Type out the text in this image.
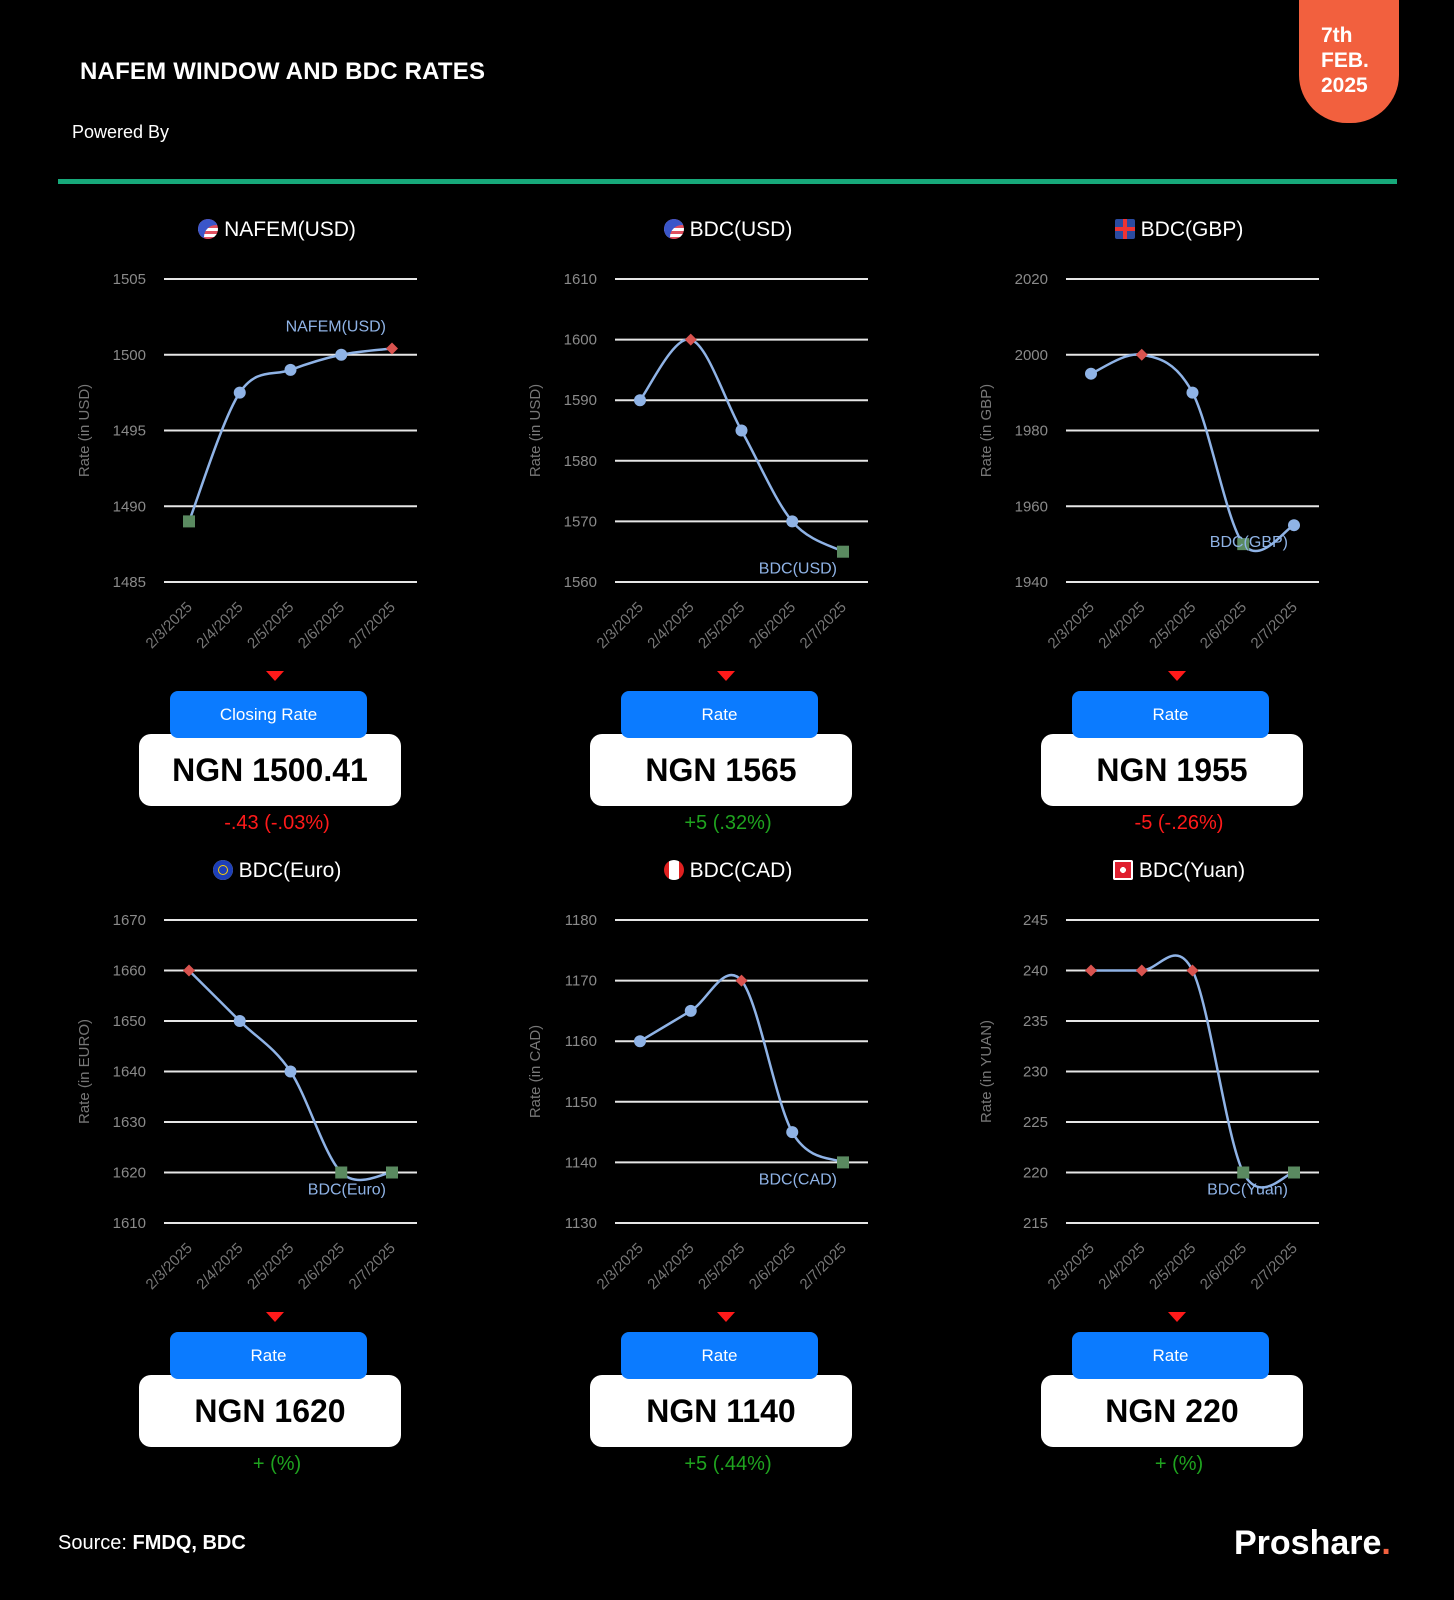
NAFEM WINDOW AND BDC RATES
Powered By
7th
FEB.
2025
NAFEM(USD)
Rate (in USD)
1505
1500
1495
1490
1485
2/3/2025
2/4/2025
2/5/2025
2/6/2025
2/7/2025
NAFEM(USD)
NGN 1500.41
Closing Rate
-.43 (-.03%)
BDC(USD)
Rate (in USD)
1610
1600
1590
1580
1570
1560
2/3/2025
2/4/2025
2/5/2025
2/6/2025
2/7/2025
BDC(USD)
NGN 1565
Rate
+5 (.32%)
BDC(GBP)
Rate (in GBP)
2020
2000
1980
1960
1940
2/3/2025
2/4/2025
2/5/2025
2/6/2025
2/7/2025
BDC(GBP)
NGN 1955
Rate
-5 (-.26%)
BDC(Euro)
Rate (in EURO)
1670
1660
1650
1640
1630
1620
1610
2/3/2025
2/4/2025
2/5/2025
2/6/2025
2/7/2025
BDC(Euro)
NGN 1620
Rate
+ (%)
BDC(CAD)
Rate (in CAD)
1180
1170
1160
1150
1140
1130
2/3/2025
2/4/2025
2/5/2025
2/6/2025
2/7/2025
BDC(CAD)
NGN 1140
Rate
+5 (.44%)
BDC(Yuan)
Rate (in YUAN)
245
240
235
230
225
220
215
2/3/2025
2/4/2025
2/5/2025
2/6/2025
2/7/2025
BDC(Yuan)
NGN 220
Rate
+ (%)
Source: FMDQ, BDC	Proshare.
